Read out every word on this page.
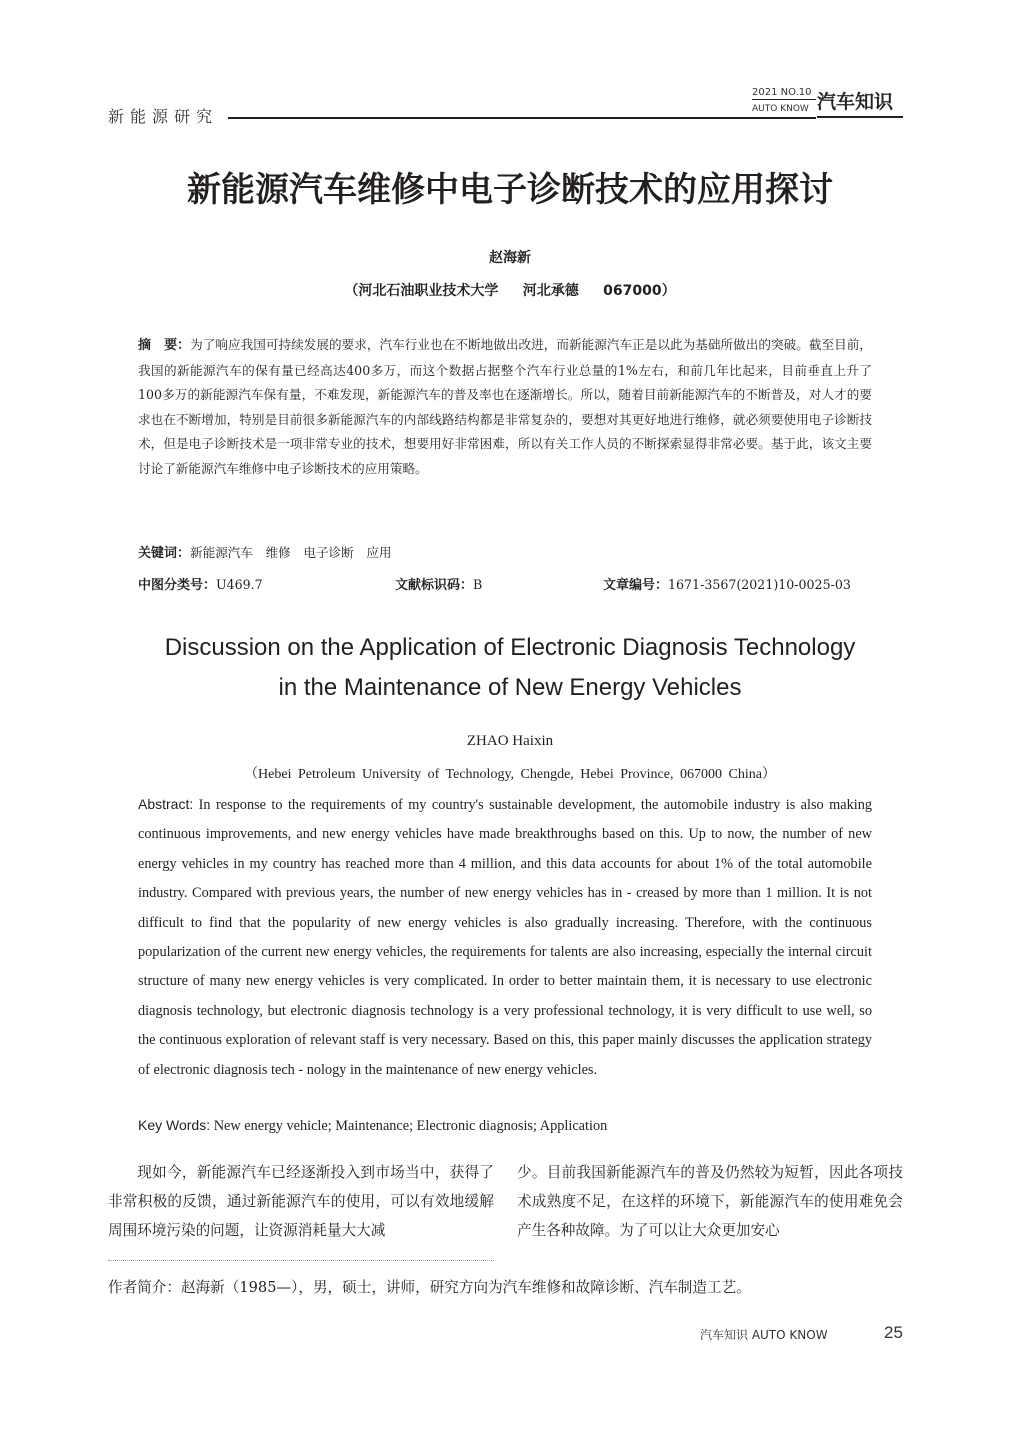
新能源研究
2021 NO.10
AUTO KNOW 汽车知识
新能源汽车维修中电子诊断技术的应用探讨
赵海新
（河北石油职业技术大学     河北承德     067000）
摘　要：为了响应我国可持续发展的要求，汽车行业也在不断地做出改进，而新能源汽车正是以此为基础所做出的突破。截至目前，我国的新能源汽车的保有量已经高达400多万，而这个数据占据整个汽车行业总量的1%左右，和前几年比起来，目前垂直上升了100多万的新能源汽车保有量，不难发现，新能源汽车的普及率也在逐渐增长。所以，随着目前新能源汽车的不断普及，对人才的要求也在不断增加，特别是目前很多新能源汽车的内部线路结构都是非常复杂的，要想对其更好地进行维修，就必须要使用电子诊断技术，但是电子诊断技术是一项非常专业的技术，想要用好非常困难，所以有关工作人员的不断探索显得非常必要。基于此，该文主要讨论了新能源汽车维修中电子诊断技术的应用策略。
关键词：新能源汽车　维修　电子诊断　应用
中图分类号：U469.7	文献标识码：B	文章编号：1671-3567(2021)10-0025-03
Discussion on the Application of Electronic Diagnosis Technology
in the Maintenance of New Energy Vehicles
ZHAO Haixin
（Hebei Petroleum University of Technology, Chengde, Hebei Province, 067000 China）
Abstract: In response to the requirements of my country's sustainable development, the automobile industry is also making continuous improvements, and new energy vehicles have made breakthroughs based on this. Up to now, the number of new energy vehicles in my country has reached more than 4 million, and this data accounts for about 1% of the total automobile industry. Compared with previous years, the number of new energy vehicles has in - creased by more than 1 million. It is not difficult to find that the popularity of new energy vehicles is also gradually increasing. Therefore, with the continuous popularization of the current new energy vehicles, the requirements for talents are also increasing, especially the internal circuit structure of many new energy vehicles is very complicated. In order to better maintain them, it is necessary to use electronic diagnosis technology, but electronic diagnosis technology is a very professional technology, it is very difficult to use well, so the continuous exploration of relevant staff is very necessary. Based on this, this paper mainly discusses the application strategy of electronic diagnosis tech - nology in the maintenance of new energy vehicles.
Key Words: New energy vehicle; Maintenance; Electronic diagnosis; Application
现如今，新能源汽车已经逐渐投入到市场当中，获得了非常积极的反馈，通过新能源汽车的使用，可以有效地缓解周围环境污染的问题，让资源消耗量大大减
少。目前我国新能源汽车的普及仍然较为短暂，因此各项技术成熟度不足，在这样的环境下，新能源汽车的使用难免会产生各种故障。为了可以让大众更加安心
作者简介：赵海新（1985—），男，硕士，讲师，研究方向为汽车维修和故障诊断、汽车制造工艺。
汽车知识 AUTO KNOW	25
